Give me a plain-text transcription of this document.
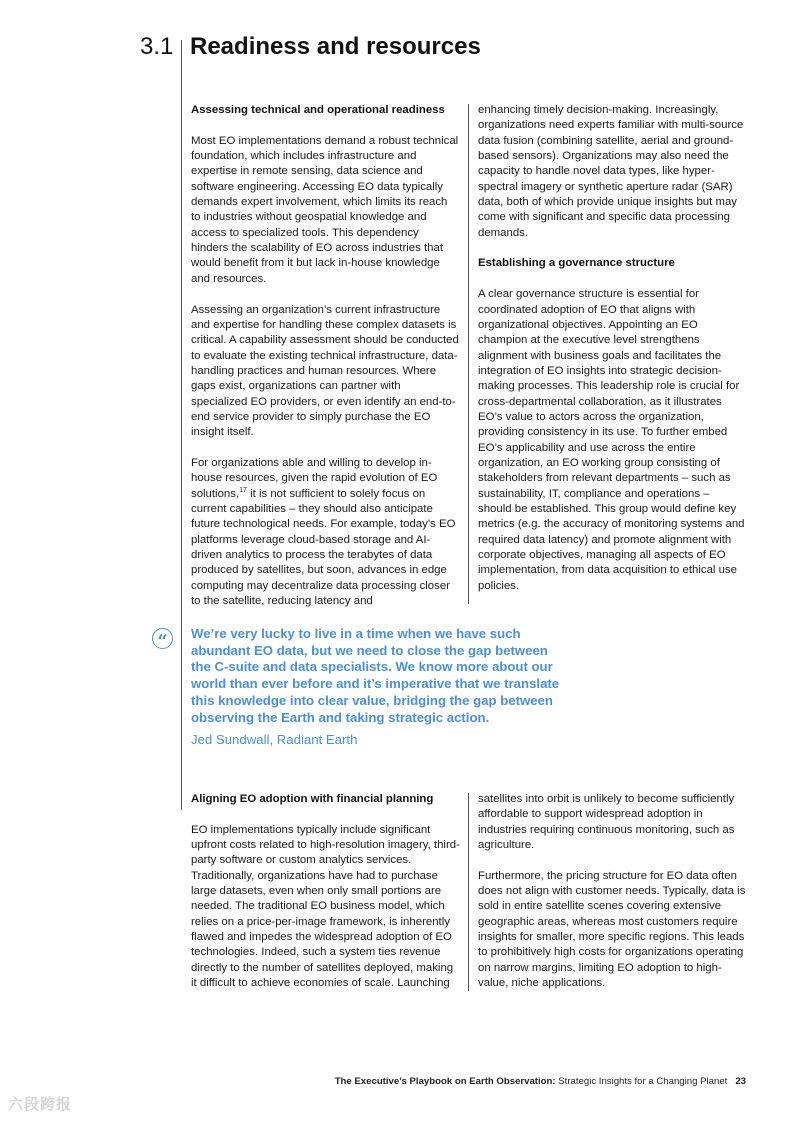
3.1 Readiness and resources
Assessing technical and operational readiness

Most EO implementations demand a robust technical foundation, which includes infrastructure and expertise in remote sensing, data science and software engineering. Accessing EO data typically demands expert involvement, which limits its reach to industries without geospatial knowledge and access to specialized tools. This dependency hinders the scalability of EO across industries that would benefit from it but lack in-house knowledge and resources.

Assessing an organization’s current infrastructure and expertise for handling these complex datasets is critical. A capability assessment should be conducted to evaluate the existing technical infrastructure, data-handling practices and human resources. Where gaps exist, organizations can partner with specialized EO providers, or even identify an end-to-end service provider to simply purchase the EO insight itself.

For organizations able and willing to develop in-house resources, given the rapid evolution of EO solutions,$^{17}$ it is not sufficient to solely focus on current capabilities – they should also anticipate future technological needs. For example, today’s EO platforms leverage cloud-based storage and AI-driven analytics to process the terabytes of data produced by satellites, but soon, advances in edge computing may decentralize data processing closer to the satellite, reducing latency and

enhancing timely decision-making. Increasingly, organizations need experts familiar with multi-source data fusion (combining satellite, aerial and ground-based sensors). Organizations may also need the capacity to handle novel data types, like hyper-spectral imagery or synthetic aperture radar (SAR) data, both of which provide unique insights but may come with significant and specific data processing demands.

Establishing a governance structure

A clear governance structure is essential for coordinated adoption of EO that aligns with organizational objectives. Appointing an EO champion at the executive level strengthens alignment with business goals and facilitates the integration of EO insights into strategic decision-making processes. This leadership role is crucial for cross-departmental collaboration, as it illustrates EO’s value to actors across the organization, providing consistency in its use. To further embed EO’s applicability and use across the entire organization, an EO working group consisting of stakeholders from relevant departments – such as sustainability, IT, compliance and operations – should be established. This group would define key metrics (e.g. the accuracy of monitoring systems and required data latency) and promote alignment with corporate objectives, managing all aspects of EO implementation, from data acquisition to ethical use policies.

“	We’re very lucky to live in a time when we have such abundant EO data, but we need to close the gap between the C-suite and data specialists. We know more about our world than ever before and it’s imperative that we translate this knowledge into clear value, bridging the gap between observing the Earth and taking strategic action.
Jed Sundwall, Radiant Earth
Aligning EO adoption with financial planning

EO implementations typically include significant upfront costs related to high-resolution imagery, third-party software or custom analytics services. Traditionally, organizations have had to purchase large datasets, even when only small portions are needed. The traditional EO business model, which relies on a price-per-image framework, is inherently flawed and impedes the widespread adoption of EO technologies. Indeed, such a system ties revenue directly to the number of satellites deployed, making it difficult to achieve economies of scale. Launching

satellites into orbit is unlikely to become sufficiently affordable to support widespread adoption in industries requiring continuous monitoring, such as agriculture.

Furthermore, the pricing structure for EO data often does not align with customer needs. Typically, data is sold in entire satellite scenes covering extensive geographic areas, whereas most customers require insights for smaller, more specific regions. This leads to prohibitively high costs for organizations operating on narrow margins, limiting EO adoption to high-value, niche applications.

The Executive’s Playbook on Earth Observation: Strategic Insights for a Changing Planet 23
六段跨报
